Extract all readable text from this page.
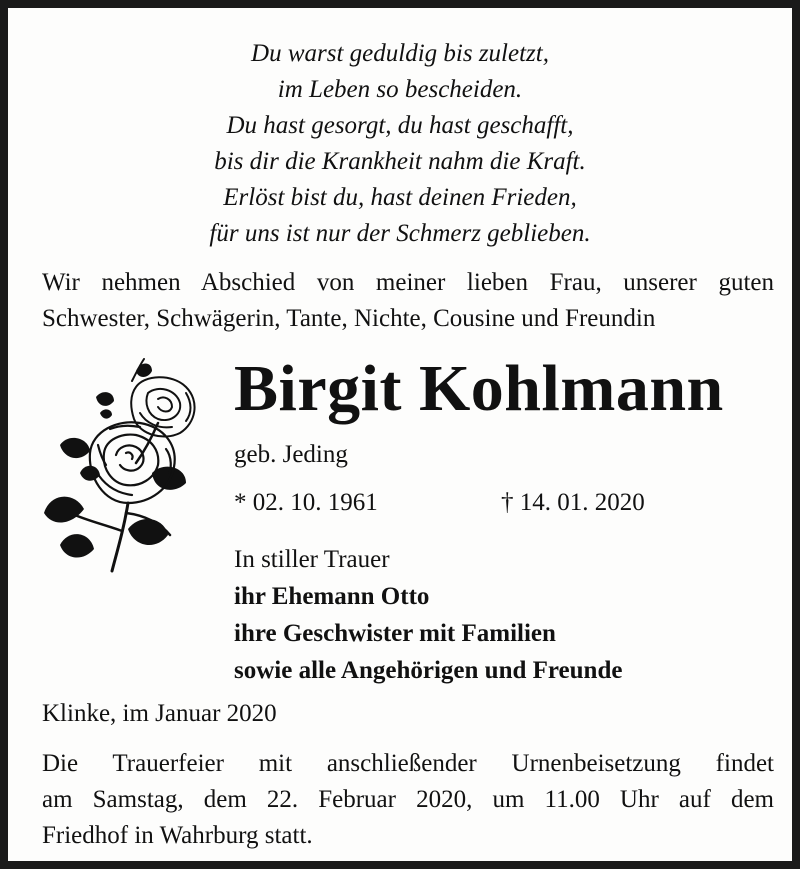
Du warst geduldig bis zuletzt,
im Leben so bescheiden.
Du hast gesorgt, du hast geschafft,
bis dir die Krankheit nahm die Kraft.
Erlöst bist du, hast deinen Frieden,
für uns ist nur der Schmerz geblieben.
Wir nehmen Abschied von meiner lieben Frau, unserer guten
Schwester, Schwägerin, Tante, Nichte, Cousine und Freundin
Birgit Kohlmann
geb. Jeding
* 02. 10. 1961	† 14. 01. 2020
In stiller Trauer
ihr Ehemann Otto
ihre Geschwister mit Familien
sowie alle Angehörigen und Freunde
Klinke, im Januar 2020
Die Trauerfeier mit anschließender Urnenbeisetzung findet
am Samstag, dem 22. Februar 2020, um 11.00 Uhr auf dem
Friedhof in Wahrburg statt.
